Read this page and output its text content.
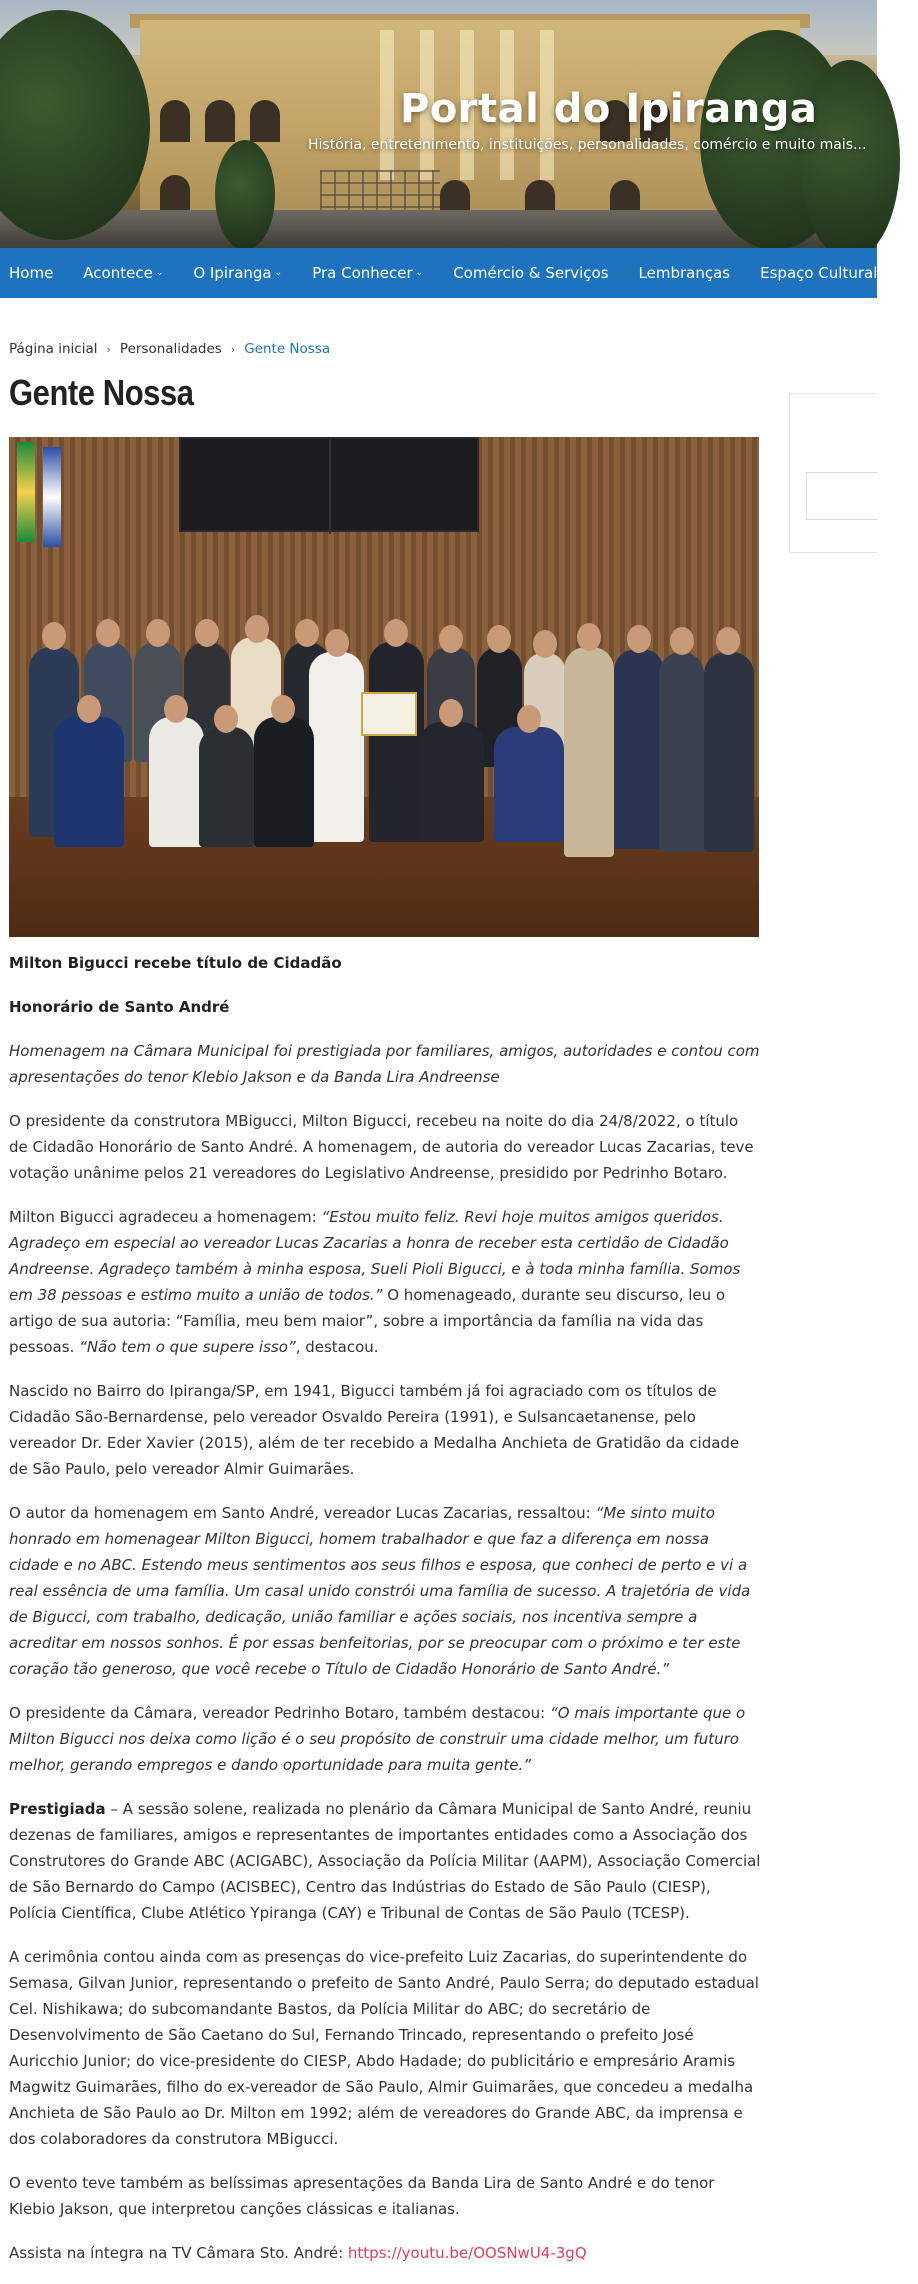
Portal do Ipiranga
História, entretenimento, instituições, personalidades, comércio e muito mais...
Home Acontece ⌄ O Ipiranga ⌄ Pra Conhecer ⌄ Comércio & Serviços Lembranças Espaço Cultural C
Página inicial › Personalidades › Gente Nossa
Gente Nossa

Milton Bigucci recebe título de Cidadão

Honorário de Santo André

Homenagem na Câmara Municipal foi prestigiada por familiares, amigos, autoridades e contou com apresentações do tenor Klebio Jakson e da Banda Lira Andreense

O presidente da construtora MBigucci, Milton Bigucci, recebeu na noite do dia 24/8/2022, o título de Cidadão Honorário de Santo André. A homenagem, de autoria do vereador Lucas Zacarias, teve votação unânime pelos 21 vereadores do Legislativo Andreense, presidido por Pedrinho Botaro.

Milton Bigucci agradeceu a homenagem: “Estou muito feliz. Revi hoje muitos amigos queridos. Agradeço em especial ao vereador Lucas Zacarias a honra de receber esta certidão de Cidadão Andreense. Agradeço também à minha esposa, Sueli Pioli Bigucci, e à toda minha família. Somos em 38 pessoas e estimo muito a união de todos.” O homenageado, durante seu discurso, leu o artigo de sua autoria: “Família, meu bem maior”, sobre a importância da família na vida das pessoas. “Não tem o que supere isso”, destacou.

Nascido no Bairro do Ipiranga/SP, em 1941, Bigucci também já foi agraciado com os títulos de Cidadão São-Bernardense, pelo vereador Osvaldo Pereira (1991), e Sulsancaetanense, pelo vereador Dr. Eder Xavier (2015), além de ter recebido a Medalha Anchieta de Gratidão da cidade de São Paulo, pelo vereador Almir Guimarães.

O autor da homenagem em Santo André, vereador Lucas Zacarias, ressaltou: “Me sinto muito honrado em homenagear Milton Bigucci, homem trabalhador e que faz a diferença em nossa cidade e no ABC. Estendo meus sentimentos aos seus filhos e esposa, que conheci de perto e vi a real essência de uma família. Um casal unido constrói uma família de sucesso. A trajetória de vida de Bigucci, com trabalho, dedicação, união familiar e ações sociais, nos incentiva sempre a acreditar em nossos sonhos. É por essas benfeitorias, por se preocupar com o próximo e ter este coração tão generoso, que você recebe o Título de Cidadão Honorário de Santo André.”

O presidente da Câmara, vereador Pedrinho Botaro, também destacou: “O mais importante que o Milton Bigucci nos deixa como lição é o seu propósito de construir uma cidade melhor, um futuro melhor, gerando empregos e dando oportunidade para muita gente.”

Prestigiada – A sessão solene, realizada no plenário da Câmara Municipal de Santo André, reuniu dezenas de familiares, amigos e representantes de importantes entidades como a Associação dos Construtores do Grande ABC (ACIGABC), Associação da Polícia Militar (AAPM), Associação Comercial de São Bernardo do Campo (ACISBEC), Centro das Indústrias do Estado de São Paulo (CIESP), Polícia Científica, Clube Atlético Ypiranga (CAY) e Tribunal de Contas de São Paulo (TCESP).

A cerimônia contou ainda com as presenças do vice-prefeito Luiz Zacarias, do superintendente do Semasa, Gilvan Junior, representando o prefeito de Santo André, Paulo Serra; do deputado estadual Cel. Nishikawa; do subcomandante Bastos, da Polícia Militar do ABC; do secretário de Desenvolvimento de São Caetano do Sul, Fernando Trincado, representando o prefeito José Auricchio Junior; do vice-presidente do CIESP, Abdo Hadade; do publicitário e empresário Aramis Magwitz Guimarães, filho do ex-vereador de São Paulo, Almir Guimarães, que concedeu a medalha Anchieta de São Paulo ao Dr. Milton em 1992; além de vereadores do Grande ABC, da imprensa e dos colaboradores da construtora MBigucci.

O evento teve também as belíssimas apresentações da Banda Lira de Santo André e do tenor Klebio Jakson, que interpretou canções clássicas e italianas.

Assista na íntegra na TV Câmara Sto. André: https://youtu.be/OOSNwU4-3gQ
